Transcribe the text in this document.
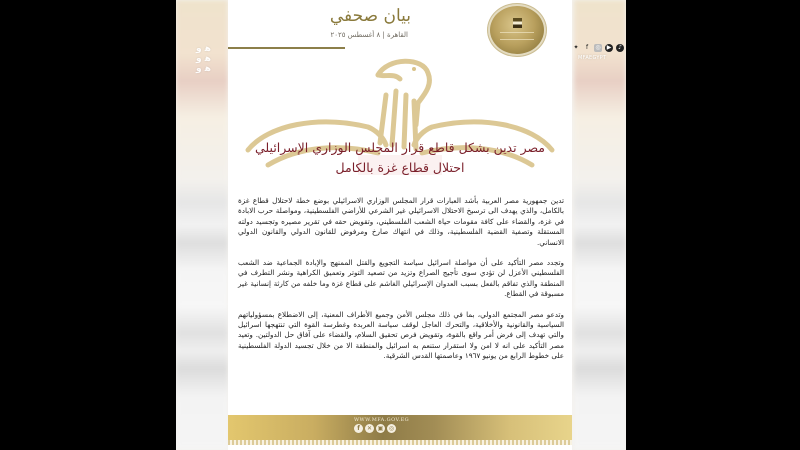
ﻫ ﻭ
ﻫ ﻭ
ﻫ ﻭ
بيان صحفي
القاهرة | ٨ أغسطس ٢٠٢٥
✦	f	◎ ▶	♪
MFAEGYPT
مصر تدين بشكل قاطع قرار المجلس الوزاري الإسرائيلي
احتلال قطاع غزة بالكامل

تدين جمهورية مصر العربية بأشد العبارات قرار المجلس الوزاري الاسرائيلي بوضع خطة لاحتلال قطاع غزة بالكامل، والذي يهدف الى ترسيخ الاحتلال الاسرائيلي غير الشرعي للأراضي الفلسطينية، ومواصلة حرب الابادة في غزة، والقضاء على كافة مقومات حياة الشعب الفلسطيني، وتقويض حقه في تقرير مصيره وتجسيد دولته المستقلة وتصفية القضية الفلسطينية، وذلك في انتهاك صارخ ومرفوض للقانون الدولي والقانون الدولي الانساني.

وتجدد مصر التأكيد على أن مواصلة اسرائيل سياسة التجويع والقتل الممنهج والإبادة الجماعية ضد الشعب الفلسطيني الأعزل لن تؤدي سوى تأجيج الصراع وتزيد من تصعيد التوتر وتعميق الكراهية ونشر التطرف في المنطقة والذي تفاقم بالفعل بسبب العدوان الإسرائيلي الغاشم على قطاع غزة وما خلفه من كارثة إنسانية غير مسبوقة في القطاع.

وتدعو مصر المجتمع الدولي، بما في ذلك مجلس الأمن وجميع الأطراف المعنية، إلى الاضطلاع بمسؤولياتهم السياسية والقانونية والأخلاقية، والتحرك العاجل لوقف سياسة العربدة وغطرسة القوة التي تنتهجها اسرائيل والتي تهدف إلى فرض أمر واقع بالقوة، وتقويض فرص تحقيق السلام، والقضاء على آفاق حل الدولتين. وتعيد مصر التأكيد على انه لا امن ولا استقرار ستنعم به اسرائيل والمنطقة الا من خلال تجسيد الدولة الفلسطينية على خطوط الرابع من يونيو ١٩٦٧ وعاصمتها القدس الشرقية.

WWW.MFA.GOV.EG
f	✕ ▣ ◎
